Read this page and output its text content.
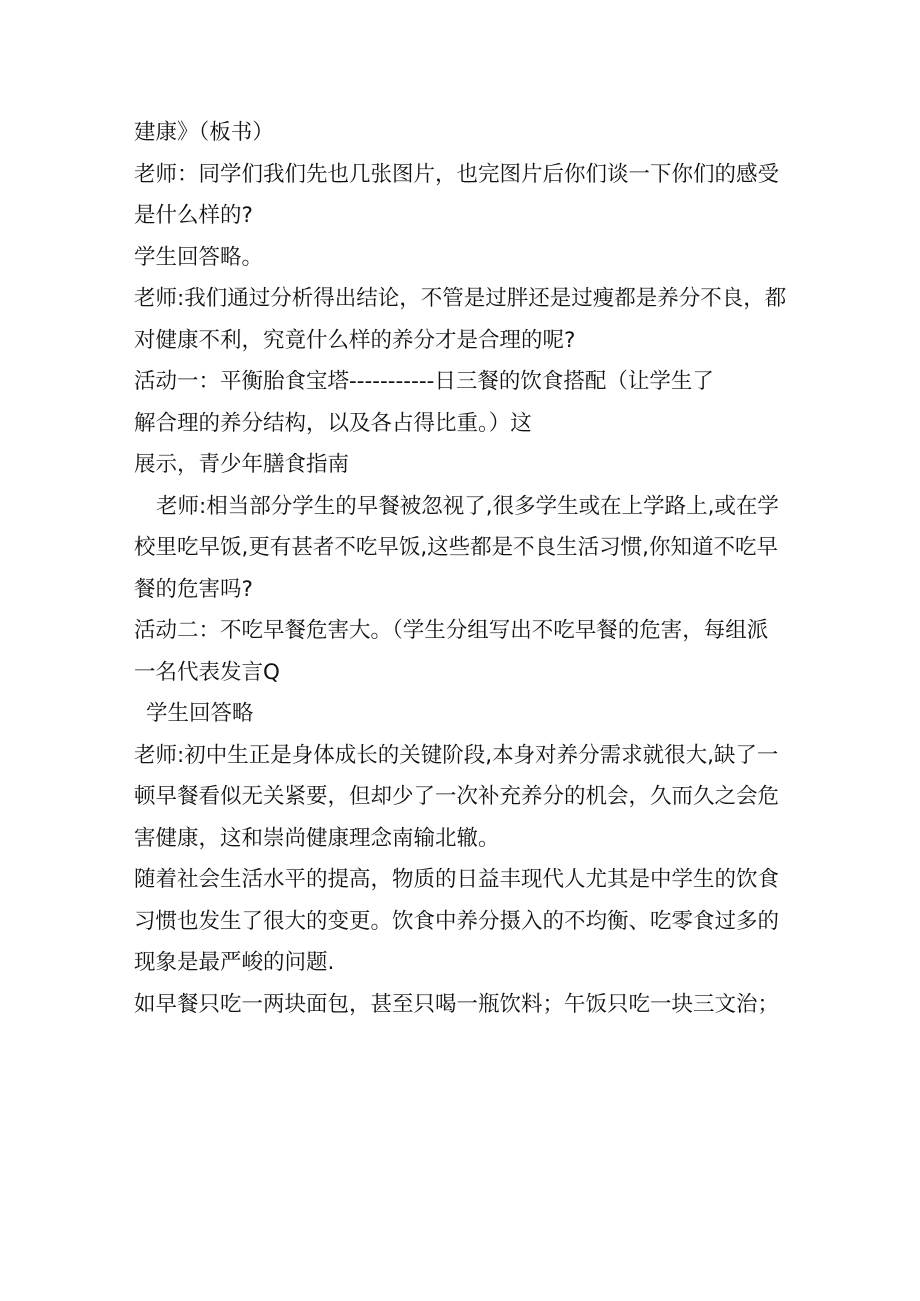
建康》（板书）
老师：同学们我们先也几张图片，也完图片后你们谈一下你们的感受
是什么样的?
学生回答略。
老师:我们通过分析得出结论，不管是过胖还是过瘦都是养分不良，都
对健康不利，究竟什么样的养分才是合理的呢?
活动一：平衡胎食宝塔-----------日三餐的饮食搭配（让学生了
解合理的养分结构，以及各占得比重。）这
展示，青少年膳食指南
老师:相当部分学生的早餐被忽视了,很多学生或在上学路上,或在学
校里吃早饭,更有甚者不吃早饭,这些都是不良生活习惯,你知道不吃早
餐的危害吗?
活动二：不吃早餐危害大。（学生分组写出不吃早餐的危害，每组派
一名代表发言Q
学生回答略
老师:初中生正是身体成长的关键阶段,本身对养分需求就很大,缺了一
顿早餐看似无关紧要，但却少了一次补充养分的机会，久而久之会危
害健康，这和崇尚健康理念南输北辙。
随着社会生活水平的提高，物质的日益丰现代人尤其是中学生的饮食
习惯也发生了很大的变更。饮食中养分摄入的不均衡、吃零食过多的
现象是最严峻的问题.
如早餐只吃一两块面包，甚至只喝一瓶饮料；午饭只吃一块三文治；
